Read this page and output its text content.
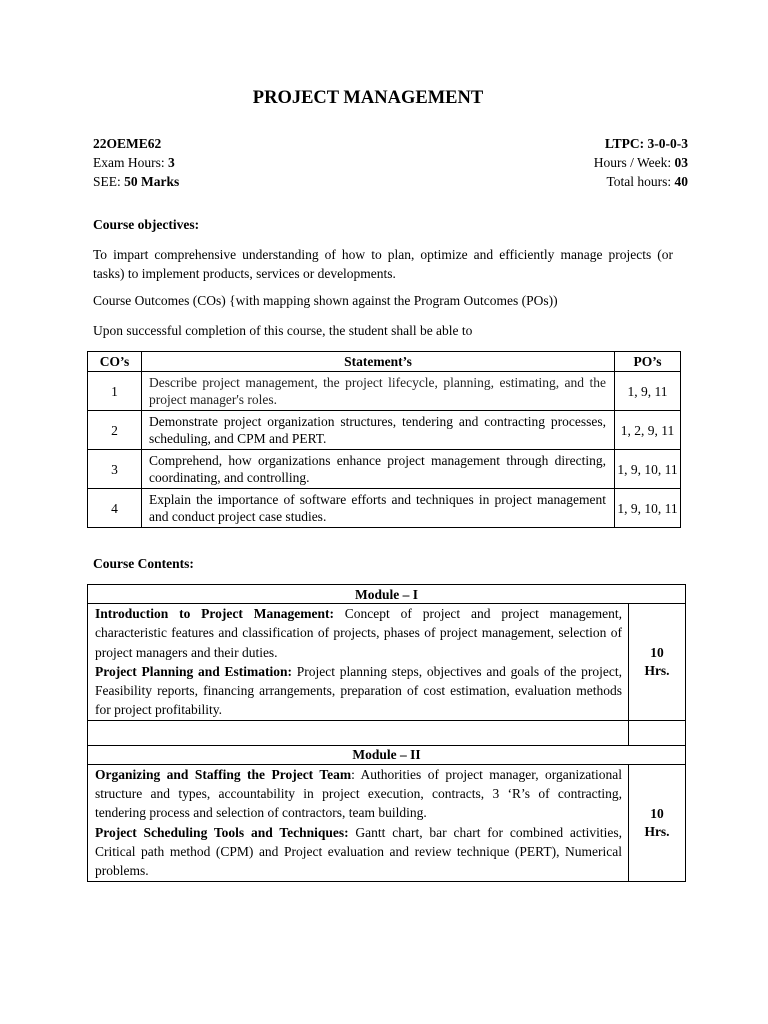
PROJECT MANAGEMENT
22OEME62	LTPC: 3-0-0-3
Exam Hours: 3	Hours / Week: 03
SEE: 50 Marks	Total hours: 40

Course objectives:

To impart comprehensive understanding of how to plan, optimize and efficiently manage projects (or tasks) to implement products, services or developments.

Course Outcomes (COs) {with mapping shown against the Program Outcomes (POs))

Upon successful completion of this course, the student shall be able to

CO’s	Statement’s	PO’s
1	Describe project management, the project lifecycle, planning, estimating, and the project manager's roles.	1, 9, 11
2	Demonstrate project organization structures, tendering and contracting processes, scheduling, and CPM and PERT.	1, 2, 9, 11
3	Comprehend, how organizations enhance project management through directing, coordinating, and controlling.	1, 9, 10, 11
4	Explain the importance of software efforts and techniques in project management and conduct project case studies.	1, 9, 10, 11

Course Contents:

Module – I	
Introduction to Project Management: Concept of project and project management, characteristic features and classification of projects, phases of project management, selection of project managers and their duties.
Project Planning and Estimation: Project planning steps, objectives and goals of the project, Feasibility reports, financing arrangements, preparation of cost estimation, evaluation methods for project profitability.	10
Hrs.

Module – II	
Organizing and Staffing the Project Team: Authorities of project manager, organizational structure and types, accountability in project execution, contracts, 3 ‘R’s of contracting, tendering process and selection of contractors, team building.
Project Scheduling Tools and Techniques: Gantt chart, bar chart for combined activities, Critical path method (CPM) and Project evaluation and review technique (PERT), Numerical problems.	10
Hrs.
